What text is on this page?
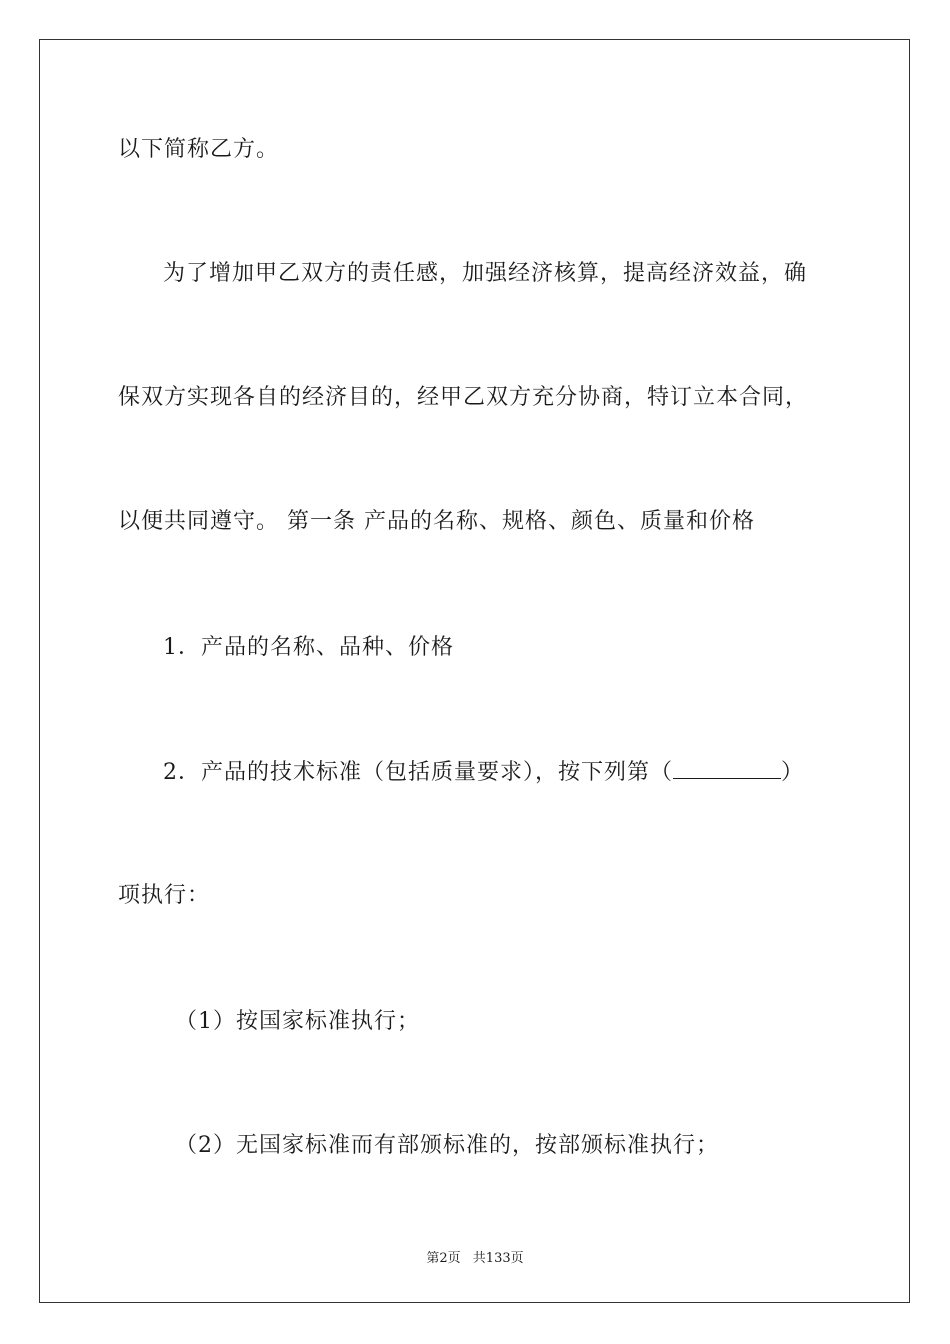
以下简称乙方。
为了增加甲乙双方的责任感，加强经济核算，提高经济效益，确
保双方实现各自的经济目的，经甲乙双方充分协商，特订立本合同，
以便共同遵守。 第一条 产品的名称、规格、颜色、质量和价格
1．产品的名称、品种、价格
2．产品的技术标准（包括质量要求），按下列第（	）
项执行：
（1）按国家标准执行；
（2）无国家标准而有部颁标准的，按部颁标准执行；
第2页 共133页
